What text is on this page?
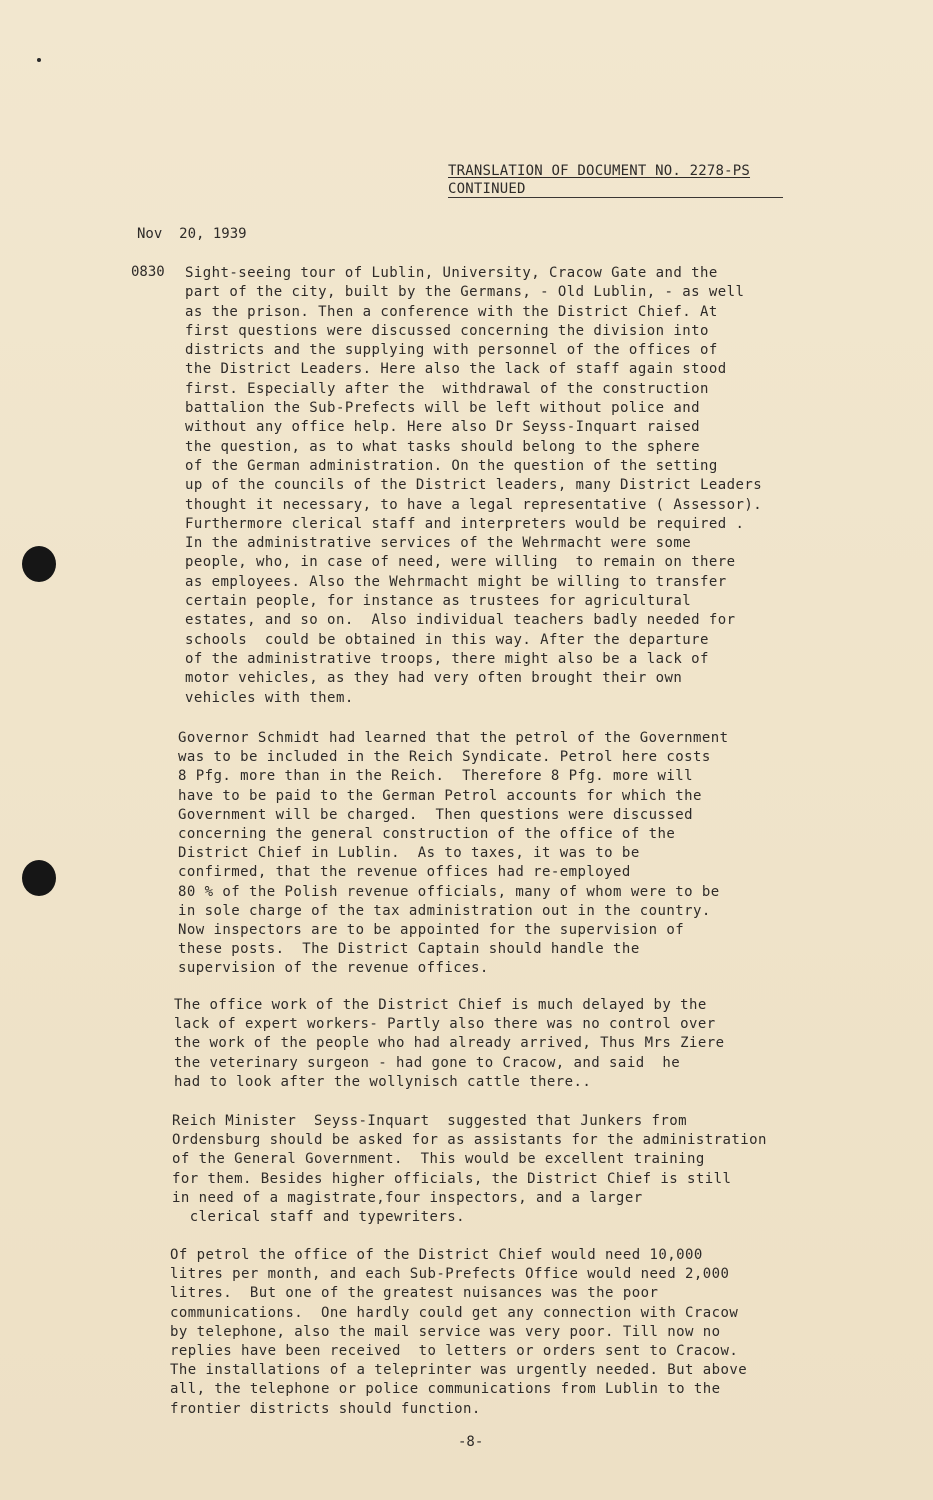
TRANSLATION OF DOCUMENT NO. 2278-PS
CONTINUED
Nov  20, 1939
0830 Sight-seeing tour of Lublin, University, Cracow Gate and the
part of the city, built by the Germans, - Old Lublin, - as well
as the prison. Then a conference with the District Chief. At
first questions were discussed concerning the division into
districts and the supplying with personnel of the offices of
the District Leaders. Here also the lack of staff again stood
first. Especially after the  withdrawal of the construction
battalion the Sub-Prefects will be left without police and
without any office help. Here also Dr Seyss-Inquart raised
the question, as to what tasks should belong to the sphere
of the German administration. On the question of the setting
up of the councils of the District leaders, many District Leaders
thought it necessary, to have a legal representative ( Assessor).
Furthermore clerical staff and interpreters would be required .
In the administrative services of the Wehrmacht were some
people, who, in case of need, were willing  to remain on there
as employees. Also the Wehrmacht might be willing to transfer
certain people, for instance as trustees for agricultural
estates, and so on.  Also individual teachers badly needed for
schools  could be obtained in this way. After the departure
of the administrative troops, there might also be a lack of
motor vehicles, as they had very often brought their own
vehicles with them.
Governor Schmidt had learned that the petrol of the Government
was to be included in the Reich Syndicate. Petrol here costs
8 Pfg. more than in the Reich.  Therefore 8 Pfg. more will
have to be paid to the German Petrol accounts for which the
Government will be charged.  Then questions were discussed
concerning the general construction of the office of the
District Chief in Lublin.  As to taxes, it was to be
confirmed, that the revenue offices had re-employed
80 % of the Polish revenue officials, many of whom were to be
in sole charge of the tax administration out in the country.
Now inspectors are to be appointed for the supervision of
these posts.  The District Captain should handle the
supervision of the revenue offices.
The office work of the District Chief is much delayed by the
lack of expert workers- Partly also there was no control over
the work of the people who had already arrived, Thus Mrs Ziere
the veterinary surgeon - had gone to Cracow, and said  he
had to look after the wollynisch cattle there..
Reich Minister  Seyss-Inquart  suggested that Junkers from
Ordensburg should be asked for as assistants for the administration
of the General Government.  This would be excellent training
for them. Besides higher officials, the District Chief is still
in need of a magistrate,four inspectors, and a larger
clerical staff and typewriters.
Of petrol the office of the District Chief would need 10,000
litres per month, and each Sub-Prefects Office would need 2,000
litres.  But one of the greatest nuisances was the poor
communications.  One hardly could get any connection with Cracow
by telephone, also the mail service was very poor. Till now no
replies have been received  to letters or orders sent to Cracow.
The installations of a teleprinter was urgently needed. But above
all, the telephone or police communications from Lublin to the
frontier districts should function.
-8-
